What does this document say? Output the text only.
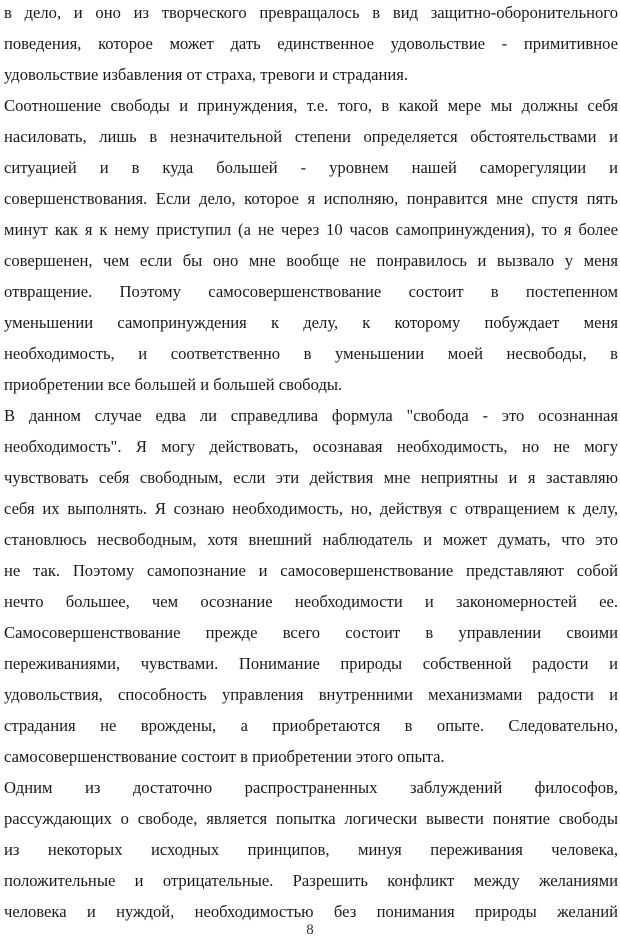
в дело, и оно из творческого превращалось в вид защитно-оборонительного
поведения, которое может дать единственное удовольствие - примитивное
удовольствие избавления от страха, тревоги и страдания.

Соотношение свободы и принуждения, т.е. того, в какой мере мы должны себя
насиловать, лишь в незначительной степени определяется обстоятельствами и
ситуацией и в куда большей - уровнем нашей саморегуляции и
совершенствования. Если дело, которое я исполняю, понравится мне спустя пять
минут как я к нему приступил (а не через 10 часов самопринуждения), то я более
совершенен, чем если бы оно мне вообще не понравилось и вызвало у меня
отвращение. Поэтому самосовершенствование состоит в постепенном
уменьшении самопринуждения к делу, к которому побуждает меня
необходимость, и соответственно в уменьшении моей несвободы, в
приобретении все большей и большей свободы.

В данном случае едва ли справедлива формула "свобода - это осознанная
необходимость". Я могу действовать, осознавая необходимость, но не могу
чувствовать себя свободным, если эти действия мне неприятны и я заставляю
себя их выполнять. Я сознаю необходимость, но, действуя с отвращением к делу,
становлюсь несвободным, хотя внешний наблюдатель и может думать, что это
не так. Поэтому самопознание и самосовершенствование представляют собой
нечто большее, чем осознание необходимости и закономерностей ее.
Самосовершенствование прежде всего состоит в управлении своими
переживаниями, чувствами. Понимание природы собственной радости и
удовольствия, способность управления внутренними механизмами радости и
страдания не врождены, а приобретаются в опыте. Следовательно,
самосовершенствование состоит в приобретении этого опыта.

Одним из достаточно распространенных заблуждений философов,
рассуждающих о свободе, является попытка логически вывести понятие свободы
из некоторых исходных принципов, минуя переживания человека,
положительные и отрицательные. Разрешить конфликт между желаниями
человека и нуждой, необходимостью без понимания природы желаний

8
